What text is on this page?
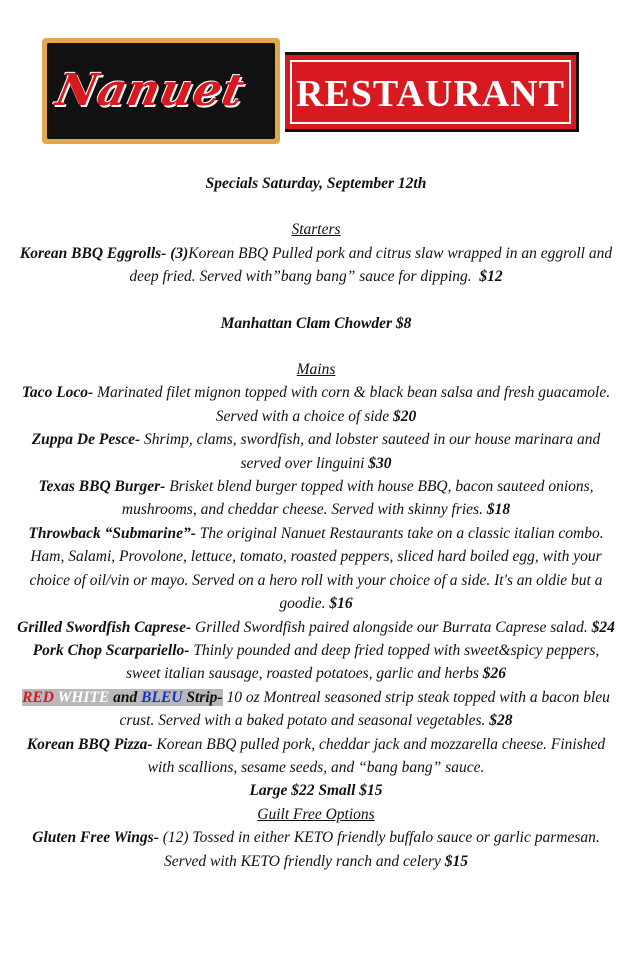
Nanuet RESTAURANT

Specials Saturday, September 12th

Starters

Korean BBQ Eggrolls- (3)Korean BBQ Pulled pork and citrus slaw wrapped in an eggroll and deep fried. Served with”bang bang” sauce for dipping. $12

Manhattan Clam Chowder $8

Mains

Taco Loco- Marinated filet mignon topped with corn & black bean salsa and fresh guacamole. Served with a choice of side $20

Zuppa De Pesce- Shrimp, clams, swordfish, and lobster sauteed in our house marinara and served over linguini $30

Texas BBQ Burger- Brisket blend burger topped with house BBQ, bacon sauteed onions, mushrooms, and cheddar cheese. Served with skinny fries. $18

Throwback “Submarine”- The original Nanuet Restaurants take on a classic italian combo. Ham, Salami, Provolone, lettuce, tomato, roasted peppers, sliced hard boiled egg, with your choice of oil/vin or mayo. Served on a hero roll with your choice of a side. It's an oldie but a goodie. $16

Grilled Swordfish Caprese- Grilled Swordfish paired alongside our Burrata Caprese salad. $24

Pork Chop Scarpariello- Thinly pounded and deep fried topped with sweet&spicy peppers, sweet italian sausage, roasted potatoes, garlic and herbs $26

RED WHITE and BLEU Strip- 10 oz Montreal seasoned strip steak topped with a bacon bleu crust. Served with a baked potato and seasonal vegetables. $28

Korean BBQ Pizza- Korean BBQ pulled pork, cheddar jack and mozzarella cheese. Finished with scallions, sesame seeds, and “bang bang” sauce.

Large $22 Small $15

Guilt Free Options

Gluten Free Wings- (12) Tossed in either KETO friendly buffalo sauce or garlic parmesan. Served with KETO friendly ranch and celery $15
